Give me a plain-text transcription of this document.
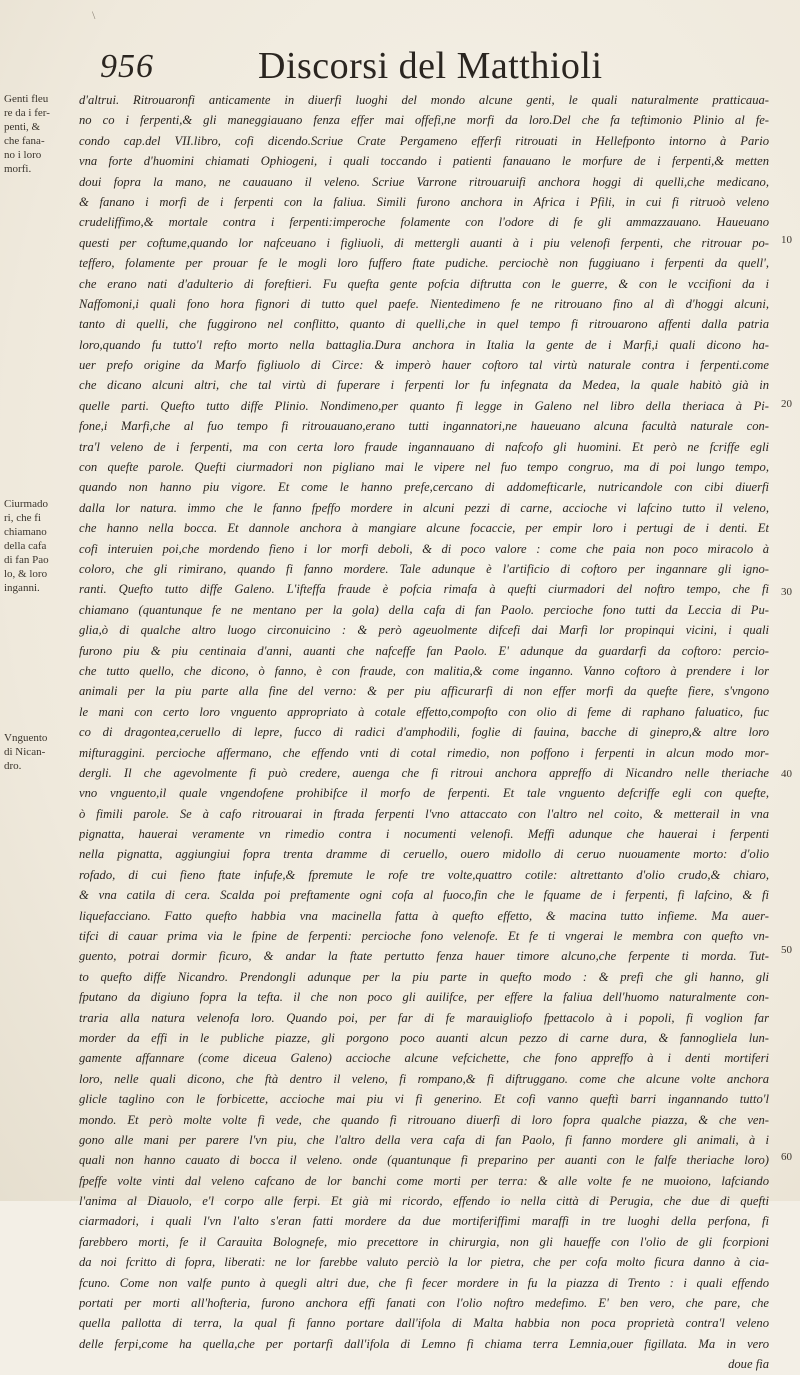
\
956	Discorsi del Matthioli
Genti fleu
re da i fer-
penti, &
che fana-
no i loro
morfi.
Ciurmado
ri, che fi
chiamano
della cafa
di fan Pao
lo, & loro
inganni.
Vnguento
di Nican-
dro.
10
20
30
40
50
60
d'altrui. Ritrouaronfi anticamente in diuerfi luoghi del mondo alcune genti, le quali naturalmente pratticaua-
no co i ferpenti,& gli maneggiauano fenza effer mai offefi,ne morfi da loro.Del che fa teftimonio Plinio al fe-
condo cap.del VII.libro, cofi dicendo.Scriue Crate Pergameno efferfi ritrouati in Hellefponto intorno à Pario
vna forte d'huomini chiamati Ophiogeni, i quali toccando i patienti fanauano le morfure de i ferpenti,& metten
doui fopra la mano, ne cauauano il veleno. Scriue Varrone ritrouaruifi anchora hoggi di quelli,che medicano,
& fanano i morfi de i ferpenti con la faliua. Simili furono anchora in Africa i Pfili, in cui fi ritruoò veleno
crudeliffimo,& mortale contra i ferpenti:imperoche folamente con l'odore di fe gli ammazzauano. Haueuano
questi per coftume,quando lor nafceuano i figliuoli, di mettergli auanti à i piu velenofi ferpenti, che ritrouar po-
teffero, folamente per prouar fe le mogli loro fuffero ftate pudiche. perciochè non fuggiuano i ferpenti da quell',
che erano nati d'adulterio di foreftieri. Fu quefta gente pofcia diftrutta con le guerre, & con le vccifioni da i
Naffomoni,i quali fono hora fignori di tutto quel paefe. Nientedimeno fe ne ritrouano fino al dì d'hoggi alcuni,
tanto di quelli, che fuggirono nel conflitto, quanto di quelli,che in quel tempo fi ritrouarono affenti dalla patria
loro,quando fu tutto'l refto morto nella battaglia.Dura anchora in Italia la gente de i Marfi,i quali dicono ha-
uer prefo origine da Marfo figliuolo di Circe: & imperò hauer coftoro tal virtù naturale contra i ferpenti.come
che dicano alcuni altri, che tal virtù di fuperare i ferpenti lor fu infegnata da Medea, la quale habitò già in
quelle parti. Quefto tutto diffe Plinio. Nondimeno,per quanto fi legge in Galeno nel libro della theriaca à Pi-
fone,i Marfi,che al fuo tempo fi ritrouauano,erano tutti ingannatori,ne haueuano alcuna facultà naturale con-
tra'l veleno de i ferpenti, ma con certa loro fraude ingannauano di nafcofo gli huomini. Et però ne fcriffe egli
con quefte parole. Quefti ciurmadori non pigliano mai le vipere nel fuo tempo congruo, ma di poi lungo tempo,
quando non hanno piu vigore. Et come le hanno prefe,cercano di addomefticarle, nutricandole con cibi diuerfi
dalla lor natura. immo che le fanno fpeffo mordere in alcuni pezzi di carne, accioche vi lafcino tutto il veleno,
che hanno nella bocca. Et dannole anchora à mangiare alcune focaccie, per empir loro i pertugi de i denti. Et
cofi interuien poi,che mordendo fieno i lor morfi deboli, & di poco valore : come che paia non poco miracolo à
coloro, che gli rimirano, quando fi fanno mordere. Tale adunque è l'artificio di coftoro per ingannare gli igno-
ranti. Quefto tutto diffe Galeno. L'ifteffa fraude è pofcia rimafa à quefti ciurmadori del noftro tempo, che fi
chiamano (quantunque fe ne mentano per la gola) della cafa di fan Paolo. percioche fono tutti da Leccia di Pu-
glia,ò di qualche altro luogo circonuicino : & però ageuolmente difcefi dai Marfi lor propinqui vicini, i quali
furono piu & piu centinaia d'anni, auanti che nafceffe fan Paolo. E' adunque da guardarfi da coftoro: percio-
che tutto quello, che dicono, ò fanno, è con fraude, con malitia,& come inganno. Vanno coftoro à prendere i lor
animali per la piu parte alla fine del verno: & per piu afficurarfi di non effer morfi da quefte fiere, s'vngono
le mani con certo loro vnguento appropriato à cotale effetto,compofto con olio di feme di raphano faluatico, fuc
co di dragontea,ceruello di lepre, fucco di radici d'amphodili, foglie di fauina, bacche di ginepro,& altre loro
mifturaggini. percioche affermano, che effendo vnti di cotal rimedio, non poffono i ferpenti in alcun modo mor-
dergli. Il che agevolmente fi può credere, auenga che fi ritroui anchora appreffo di Nicandro nelle theriache
vno vnguento,il quale vngendofene prohibifce il morfo de ferpenti. Et tale vnguento defcriffe egli con quefte,
ò fimili parole. Se à cafo ritrouarai in ftrada ferpenti l'vno attaccato con l'altro nel coito, & metterail in vna
pignatta, hauerai veramente vn rimedio contra i nocumenti velenofi. Meffi adunque che hauerai i ferpenti
nella pignatta, aggiungiui fopra trenta dramme di ceruello, ouero midollo di ceruo nuouamente morto: d'olio
rofado, di cui fieno ftate infufe,& fpremute le rofe tre volte,quattro cotile: altrettanto d'olio crudo,& chiaro,
& vna catila di cera. Scalda poi preftamente ogni cofa al fuoco,fin che le fquame de i ferpenti, fi lafcino, & fi
liquefacciano. Fatto quefto habbia vna macinella fatta à quefto effetto, & macina tutto infieme. Ma auer-
tifci di cauar prima via le fpine de ferpenti: percioche fono velenofe. Et fe ti vngerai le membra con quefto vn-
guento, potrai dormir ficuro, & andar la ftate pertutto fenza hauer timore alcuno,che ferpente ti morda. Tut-
to quefto diffe Nicandro. Prendongli adunque per la piu parte in quefto modo : & prefi che gli hanno, gli
fputano da digiuno fopra la tefta. il che non poco gli auilifce, per effere la faliua dell'huomo naturalmente con-
traria alla natura velenofa loro. Quando poi, per far di fe marauigliofo fpettacolo à i popoli, fi voglion far
morder da effi in le publiche piazze, gli porgono poco auanti alcun pezzo di carne dura, & fannogliela lun-
gamente affannare (come diceua Galeno) accioche alcune vefcichette, che fono appreffo à i denti mortiferi
loro, nelle quali dicono, che ftà dentro il veleno, fi rompano,& fi diftruggano. come che alcune volte anchora
glicle taglino con le forbicette, accioche mai piu vi fi generino. Et cofi vanno queftì barri ingannando tutto'l
mondo. Et però molte volte fi vede, che quando fi ritrouano diuerfi di loro fopra qualche piazza, & che ven-
gono alle mani per parere l'vn piu, che l'altro della vera cafa di fan Paolo, fi fanno mordere gli animali, à i
quali non hanno cauato di bocca il veleno. onde (quantunque fi preparino per auanti con le falfe theriache loro)
fpeffe volte vinti dal veleno cafcano de lor banchi come morti per terra: & alle volte fe ne muoiono, lafciando
l'anima al Diauolo, e'l corpo alle ferpi. Et già mi ricordo, effendo io nella città di Perugia, che due di quefti
ciarmadori, i quali l'vn l'alto s'eran fatti mordere da due mortiferiffimi maraffi in tre luoghi della perfona, fi
farebbero morti, fe il Carauita Bolognefe, mio precettore in chirurgia, non gli haueffe con l'olio de gli fcorpioni
da noi fcritto di fopra, liberati: ne lor farebbe valuto perciò la lor pietra, che per cofa molto ficura danno à cia-
fcuno. Come non valfe punto à quegli altri due, che fi fecer mordere in fu la piazza di Trento : i quali effendo
portati per morti all'hofteria, furono anchora effi fanati con l'olio noftro medefimo. E' ben vero, che pare, che
quella pallotta di terra, la qual fi fanno portare dall'ifola di Malta habbia non poca proprietà contra'l veleno
delle ferpi,come ha quella,che per portarfi dall'ifola di Lemno fi chiama terra Lemnia,ouer figillata. Ma in vero
doue fia
